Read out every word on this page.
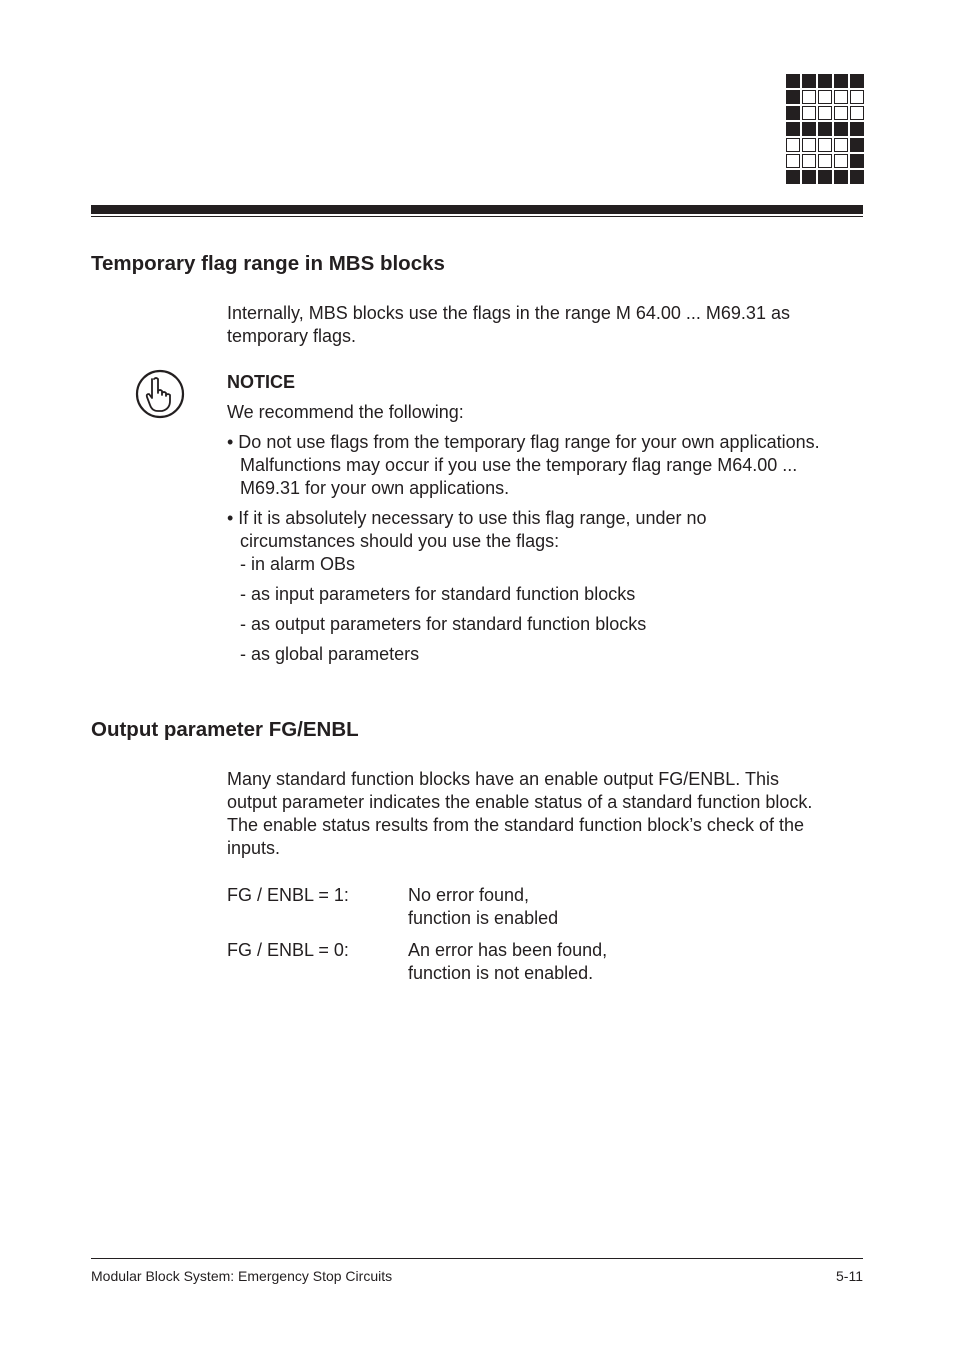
Temporary flag range in MBS blocks

Internally, MBS blocks use the flags in the range M 64.00 ... M69.31 as

temporary flags.

NOTICE

We recommend the following:

• Do not use flags from the temporary flag range for your own applications.
Malfunctions may occur if you use the temporary flag range M64.00 ...
M69.31 for your own applications.
• If it is absolutely necessary to use this flag range, under no
circumstances should you use the flags:
- in alarm OBs
- as input parameters for standard function blocks
- as output parameters for standard function blocks
- as global parameters
Output parameter FG/ENBL

Many standard function blocks have an enable output FG/ENBL. This

output parameter indicates the enable status of a standard function block.

The enable status results from the standard function block’s check of the

inputs.

FG / ENBL = 1:	No error found,
function is enabled
FG / ENBL = 0:	An error has been found,
function is not enabled.
Modular Block System: Emergency Stop Circuits	5-11
